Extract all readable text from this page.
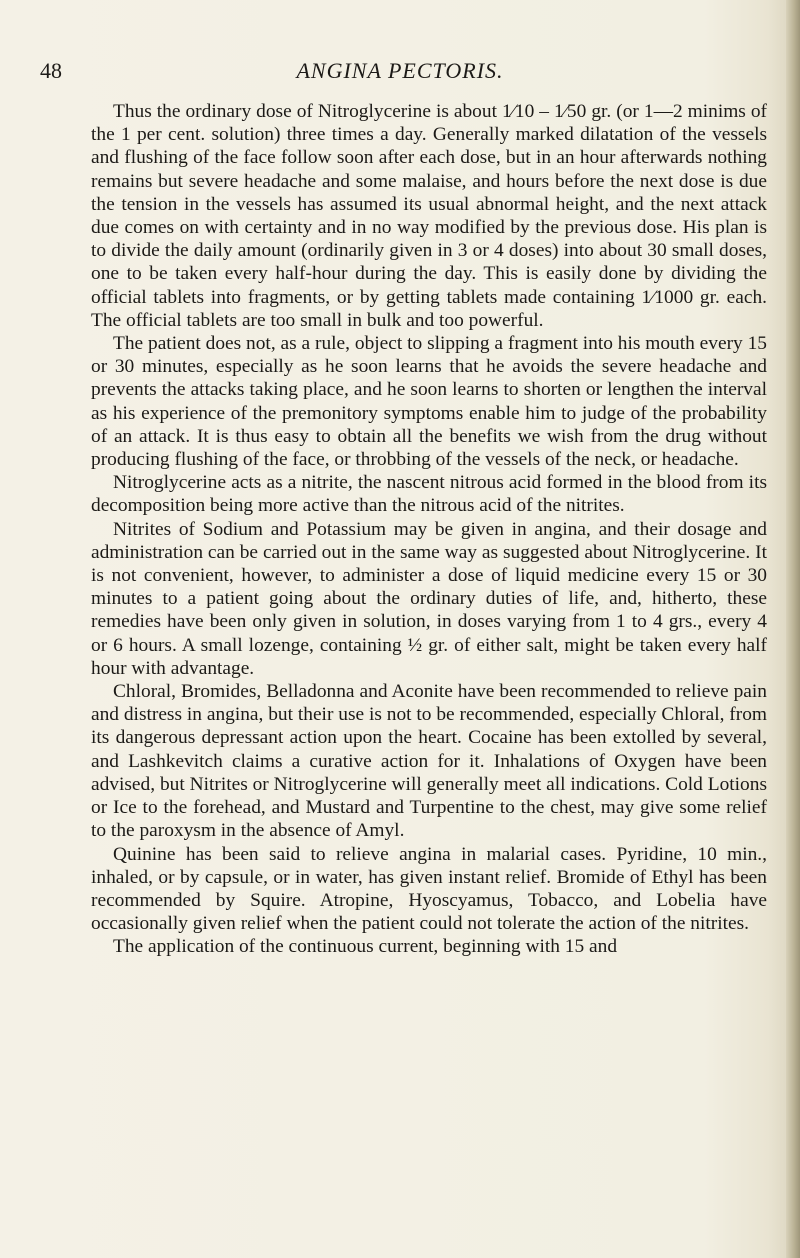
48	ANGINA PECTORIS.

Thus the ordinary dose of Nitroglycerine is about 1⁄10 – 1⁄50 gr. (or 1—2 minims of the 1 per cent. solution) three times a day. Generally marked dilatation of the vessels and flushing of the face follow soon after each dose, but in an hour afterwards nothing remains but severe headache and some malaise, and hours before the next dose is due the tension in the vessels has assumed its usual abnormal height, and the next attack due comes on with certainty and in no way modified by the previous dose. His plan is to divide the daily amount (ordinarily given in 3 or 4 doses) into about 30 small doses, one to be taken every half-hour during the day. This is easily done by dividing the official tablets into fragments, or by getting tablets made containing 1⁄1000 gr. each. The official tablets are too small in bulk and too powerful.

The patient does not, as a rule, object to slipping a fragment into his mouth every 15 or 30 minutes, especially as he soon learns that he avoids the severe headache and prevents the attacks taking place, and he soon learns to shorten or lengthen the interval as his experience of the premonitory symptoms enable him to judge of the probability of an attack. It is thus easy to obtain all the benefits we wish from the drug without producing flushing of the face, or throbbing of the vessels of the neck, or headache.

Nitroglycerine acts as a nitrite, the nascent nitrous acid formed in the blood from its decomposition being more active than the nitrous acid of the nitrites.

Nitrites of Sodium and Potassium may be given in angina, and their dosage and administration can be carried out in the same way as suggested about Nitroglycerine. It is not convenient, however, to administer a dose of liquid medicine every 15 or 30 minutes to a patient going about the ordinary duties of life, and, hitherto, these remedies have been only given in solution, in doses varying from 1 to 4 grs., every 4 or 6 hours. A small lozenge, containing ½ gr. of either salt, might be taken every half hour with advantage.

Chloral, Bromides, Belladonna and Aconite have been recommended to relieve pain and distress in angina, but their use is not to be recommended, especially Chloral, from its dangerous depressant action upon the heart. Cocaine has been extolled by several, and Lashkevitch claims a curative action for it. Inhalations of Oxygen have been advised, but Nitrites or Nitroglycerine will generally meet all indications. Cold Lotions or Ice to the forehead, and Mustard and Turpentine to the chest, may give some relief to the paroxysm in the absence of Amyl.

Quinine has been said to relieve angina in malarial cases. Pyridine, 10 min., inhaled, or by capsule, or in water, has given instant relief. Bromide of Ethyl has been recommended by Squire. Atropine, Hyoscyamus, Tobacco, and Lobelia have occasionally given relief when the patient could not tolerate the action of the nitrites.

The application of the continuous current, beginning with 15 and
